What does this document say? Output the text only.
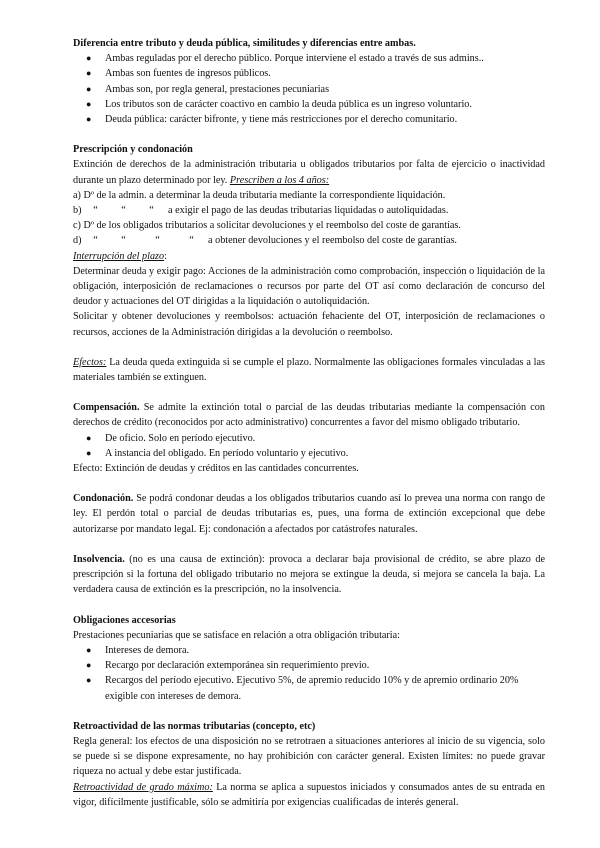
Diferencia entre tributo y deuda pública, similitudes y diferencias entre ambas.
● Ambas reguladas por el derecho público. Porque interviene el estado a través de sus admins..
● Ambas son fuentes de ingresos públicos.
● Ambas son, por regla general, prestaciones pecuniarias
● Los tributos son de carácter coactivo en cambio la deuda pública es un ingreso voluntario.
● Deuda pública: carácter bifronte, y tiene más restricciones por el derecho comunitario.
Prescripción y condonación
Extinción de derechos de la administración tributaria u obligados tributarios por falta de ejercicio o inactividad durante un plazo determinado por ley. Prescriben a los 4 años:
a) Dº de la admin. a determinar la deuda tributaria mediante la correspondiente liquidación.
b) “ “ “ a exigir el pago de las deudas tributarias liquidadas o autoliquidadas.
c) Dº de los obligados tributarios a solicitar devoluciones y el reembolso del coste de garantías.
d) “ “	“	“ a obtener devoluciones y el reembolso del coste de garantías.
Interrupción del plazo:
Determinar deuda y exigir pago: Acciones de la administración como comprobación, inspección o liquidación de la obligación, interposición de reclamaciones o recursos por parte del OT así como declaración de concurso del deudor y actuaciones del OT dirigidas a la liquidación o autoliquidación.
Solicitar y obtener devoluciones y reembolsos: actuación fehaciente del OT, interposición de reclamaciones o recursos, acciones de la Administración dirigidas a la devolución o reembolso.
Efectos: La deuda queda extinguida si se cumple el plazo. Normalmente las obligaciones formales vinculadas a las materiales también se extinguen.
Compensación. Se admite la extinción total o parcial de las deudas tributarias mediante la compensación con derechos de crédito (reconocidos por acto administrativo) concurrentes a favor del mismo obligado tributario.
● De oficio. Solo en período ejecutivo.
● A instancia del obligado. En período voluntario y ejecutivo.
Efecto: Extinción de deudas y créditos en las cantidades concurrentes.
Condonación. Se podrá condonar deudas a los obligados tributarios cuando así lo prevea una norma con rango de ley. El perdón total o parcial de deudas tributarias es, pues, una forma de extinción excepcional que debe autorizarse por mandato legal. Ej: condonación a afectados por catástrofes naturales.
Insolvencia. (no es una causa de extinción): provoca a declarar baja provisional de crédito, se abre plazo de prescripción si la fortuna del obligado tributario no mejora se extingue la deuda, si mejora se cancela la baja. La verdadera causa de extinción es la prescripción, no la insolvencia.
Obligaciones accesorias
Prestaciones pecuniarias que se satisface en relación a otra obligación tributaria:
● Intereses de demora.
● Recargo por declaración extemporánea sin requerimiento previo.
● Recargos del período ejecutivo. Ejecutivo 5%, de apremio reducido 10% y de apremio ordinario 20% exigible con intereses de demora.
Retroactividad de las normas tributarias (concepto, etc)
Regla general: los efectos de una disposición no se retrotraen a situaciones anteriores al inicio de su vigencia, solo se puede si se dispone expresamente, no hay prohibición con carácter general. Existen límites: no puede gravar riqueza no actual y debe estar justificada.
Retroactividad de grado máximo: La norma se aplica a supuestos iniciados y consumados antes de su entrada en vigor, difícilmente justificable, sólo se admitiría por exigencias cualificadas de interés general.
